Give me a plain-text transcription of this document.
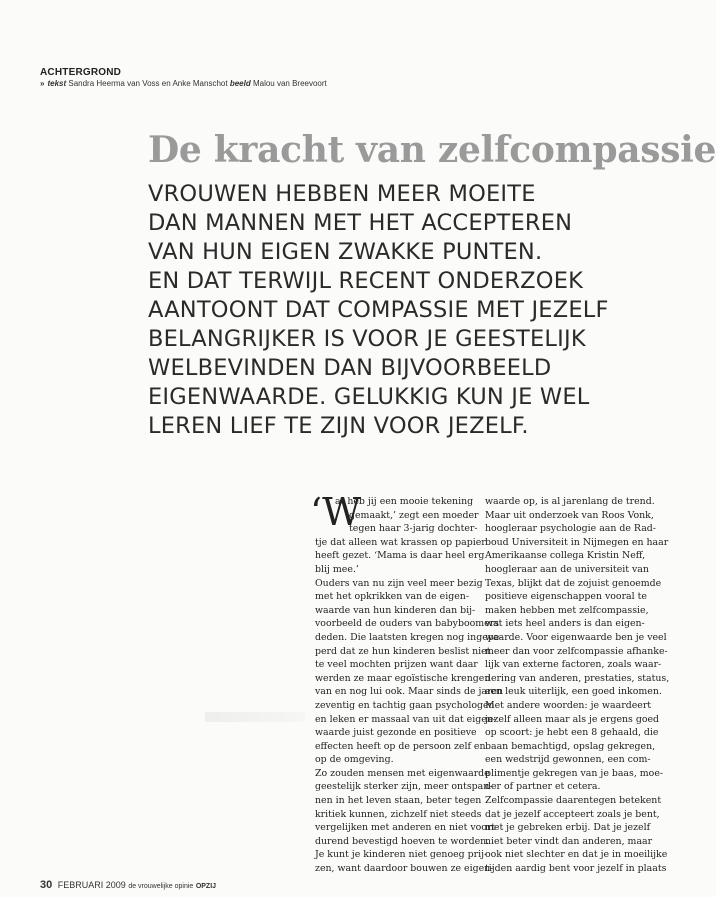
ACHTERGROND
» tekst Sandra Heerma van Voss en Anke Manschot beeld Malou van Breevoort
De kracht van zelfcompassie
VROUWEN HEBBEN MEER MOEITE
DAN MANNEN MET HET ACCEPTEREN
VAN HUN EIGEN ZWAKKE PUNTEN.
EN DAT TERWIJL RECENT ONDERZOEK
AANTOONT DAT COMPASSIE MET JEZELF
BELANGRIJKER IS VOOR JE GEESTELIJK
WELBEVINDEN DAN BIJVOORBEELD
EIGENWAARDE. GELUKKIG KUN JE WEL
LEREN LIEF TE ZIJN VOOR JEZELF.
‘W
at heb jij een mooie tekening
gemaakt,’ zegt een moeder
tegen haar 3-jarig dochter-
tje dat alleen wat krassen op papier
heeft gezet. ‘Mama is daar heel erg
blij mee.’
Ouders van nu zijn veel meer bezig
met het opkrikken van de eigen-
waarde van hun kinderen dan bij-
voorbeeld de ouders van babyboomers
deden. Die laatsten kregen nog ingepe-
perd dat ze hun kinderen beslist niet
te veel mochten prijzen want daar
werden ze maar egoïstische krengen
van en nog lui ook. Maar sinds de jaren
zeventig en tachtig gaan psychologen
en leken er massaal van uit dat eigen-
waarde juist gezonde en positieve
effecten heeft op de persoon zelf en
op de omgeving.
Zo zouden mensen met eigenwaarde
geestelijk sterker zijn, meer ontspan-
nen in het leven staan, beter tegen
kritiek kunnen, zichzelf niet steeds
vergelijken met anderen en niet voort-
durend bevestigd hoeven te worden.
Je kunt je kinderen niet genoeg prij-
zen, want daardoor bouwen ze eigen-
waarde op, is al jarenlang de trend.
Maar uit onderzoek van Roos Vonk,
hoogleraar psychologie aan de Rad-
boud Universiteit in Nijmegen en haar
Amerikaanse collega Kristin Neff,
hoogleraar aan de universiteit van
Texas, blijkt dat de zojuist genoemde
positieve eigenschappen vooral te
maken hebben met zelfcompassie,
wat iets heel anders is dan eigen-
waarde. Voor eigenwaarde ben je veel
meer dan voor zelfcompassie afhanke-
lijk van externe factoren, zoals waar-
dering van anderen, prestaties, status,
een leuk uiterlijk, een goed inkomen.
Met andere woorden: je waardeert
jezelf alleen maar als je ergens goed
op scoort: je hebt een 8 gehaald, die
baan bemachtigd, opslag gekregen,
een wedstrijd gewonnen, een com-
plimentje gekregen van je baas, moe-
der of partner et cetera.
Zelfcompassie daarentegen betekent
dat je jezelf accepteert zoals je bent,
met je gebreken erbij. Dat je jezelf
niet beter vindt dan anderen, maar
ook niet slechter en dat je in moeilijke
tijden aardig bent voor jezelf in plaats
30 FEBRUARI 2009 de vrouwelijke opinie OPZIJ
